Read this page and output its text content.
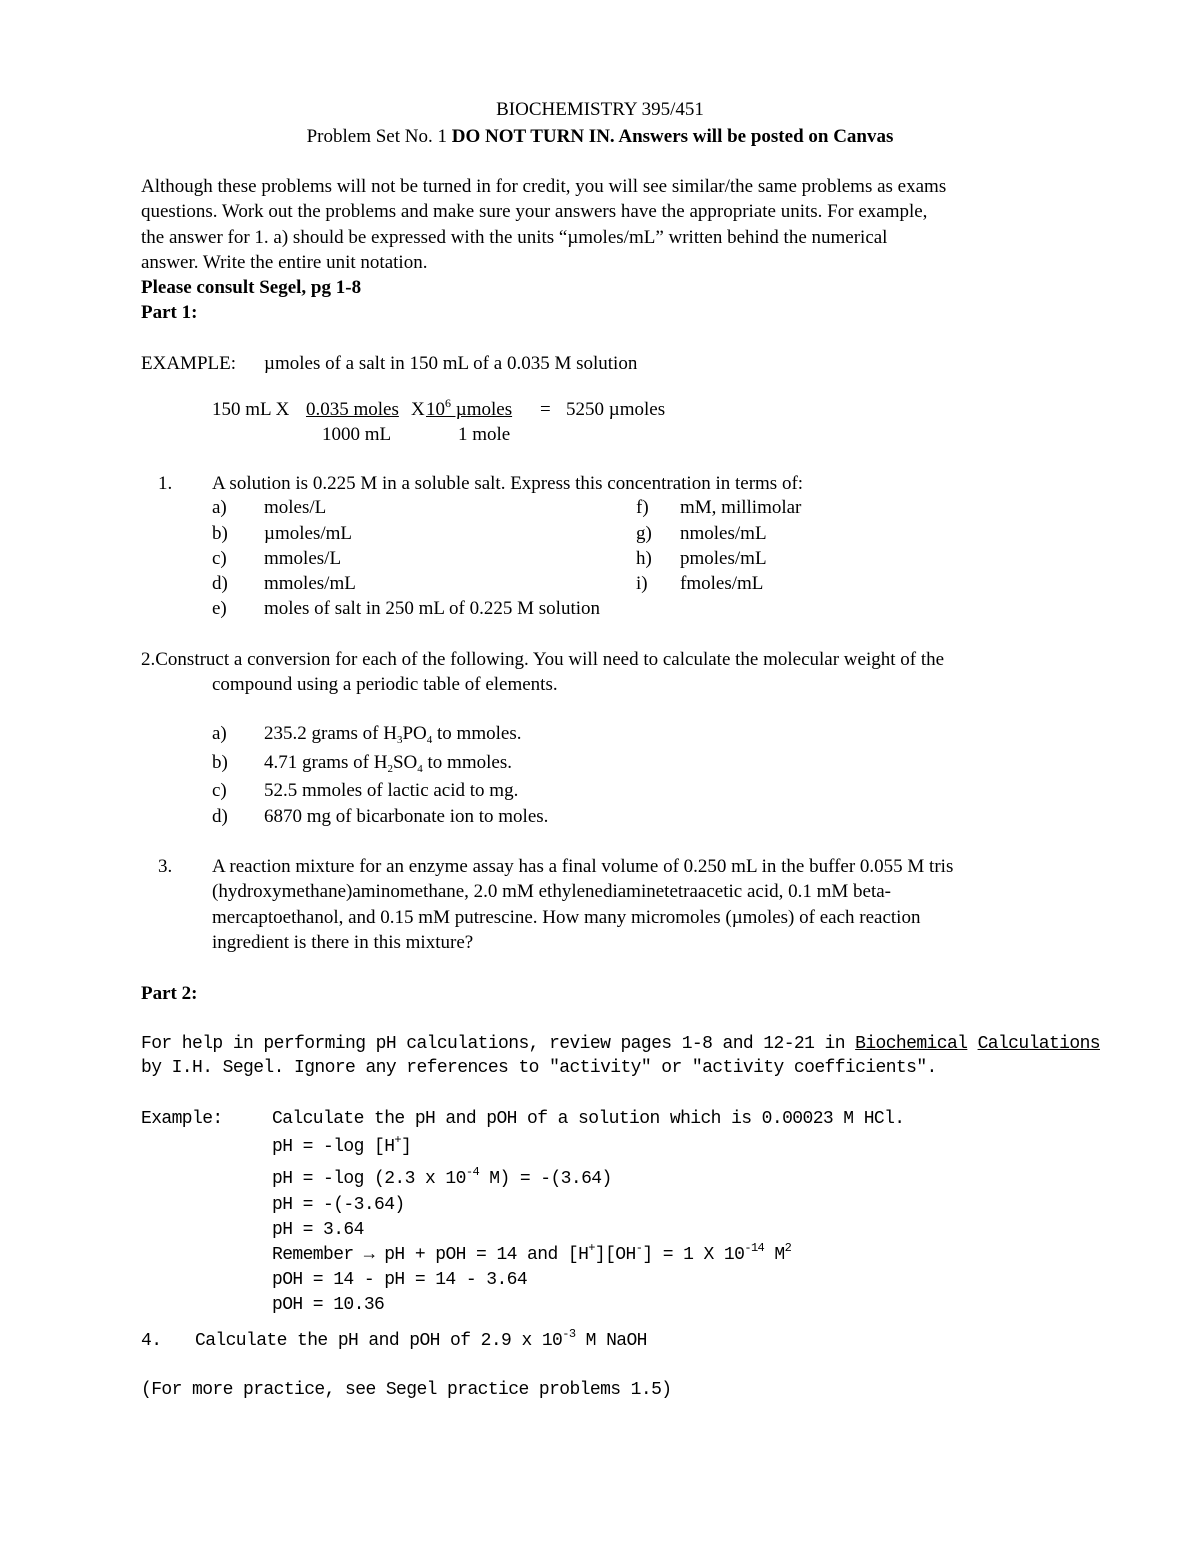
BIOCHEMISTRY 395/451
Problem Set No. 1 DO NOT TURN IN. Answers will be posted on Canvas
Although these problems will not be turned in for credit, you will see similar/the same problems as exams
questions. Work out the problems and make sure your answers have the appropriate units. For example,
the answer for 1. a) should be expressed with the units “µmoles/mL” written behind the numerical
answer. Write the entire unit notation.
Please consult Segel, pg 1-8
Part 1:
EXAMPLE: µmoles of a salt in 150 mL of a 0.035 M solution
150 mL X 0.035 moles
1000 mL
X $10^6$ µmoles
1 mole
= 5250 µmoles
1. A solution is 0.225 M in a soluble salt. Express this concentration in terms of:
a) moles/L
b) µmoles/mL
c) mmoles/L
d) mmoles/mL
e) moles of salt in 250 mL of 0.225 M solution
f) mM, millimolar
g) nmoles/mL
h) pmoles/mL
i) fmoles/mL
2.Construct a conversion for each of the following. You will need to calculate the molecular weight of the
compound using a periodic table of elements.
a) 235.2 grams of $H_3PO_4$ to mmoles.
b) 4.71 grams of $H_2SO_4$ to mmoles.
c) 52.5 mmoles of lactic acid to mg.
d) 6870 mg of bicarbonate ion to moles.
3. A reaction mixture for an enzyme assay has a final volume of 0.250 mL in the buffer 0.055 M tris
(hydroxymethane)aminomethane, 2.0 mM ethylenediaminetetraacetic acid, 0.1 mM beta-
mercaptoethanol, and 0.15 mM putrescine. How many micromoles (µmoles) of each reaction
ingredient is there in this mixture?
Part 2:
For help in performing pH calculations, review pages 1-8 and 12-21 in Biochemical Calculations
by I.H. Segel. Ignore any references to "activity" or "activity coefficients".
Example:	Calculate the pH and pOH of a solution which is 0.00023 M HCl.
pH = -log [H+]
pH = -log (2.3 x $10^{-4}$ M) = -(3.64)
pH = -(-3.64)
pH = 3.64
Remember → pH + pOH = 14 and [H+][OH-] = 1 X $10^{-14}$ $M^2$
pOH = 14 - pH = 14 - 3.64
pOH = 10.36
4. Calculate the pH and pOH of 2.9 x $10^{-3}$ M NaOH
(For more practice, see Segel practice problems 1.5)
